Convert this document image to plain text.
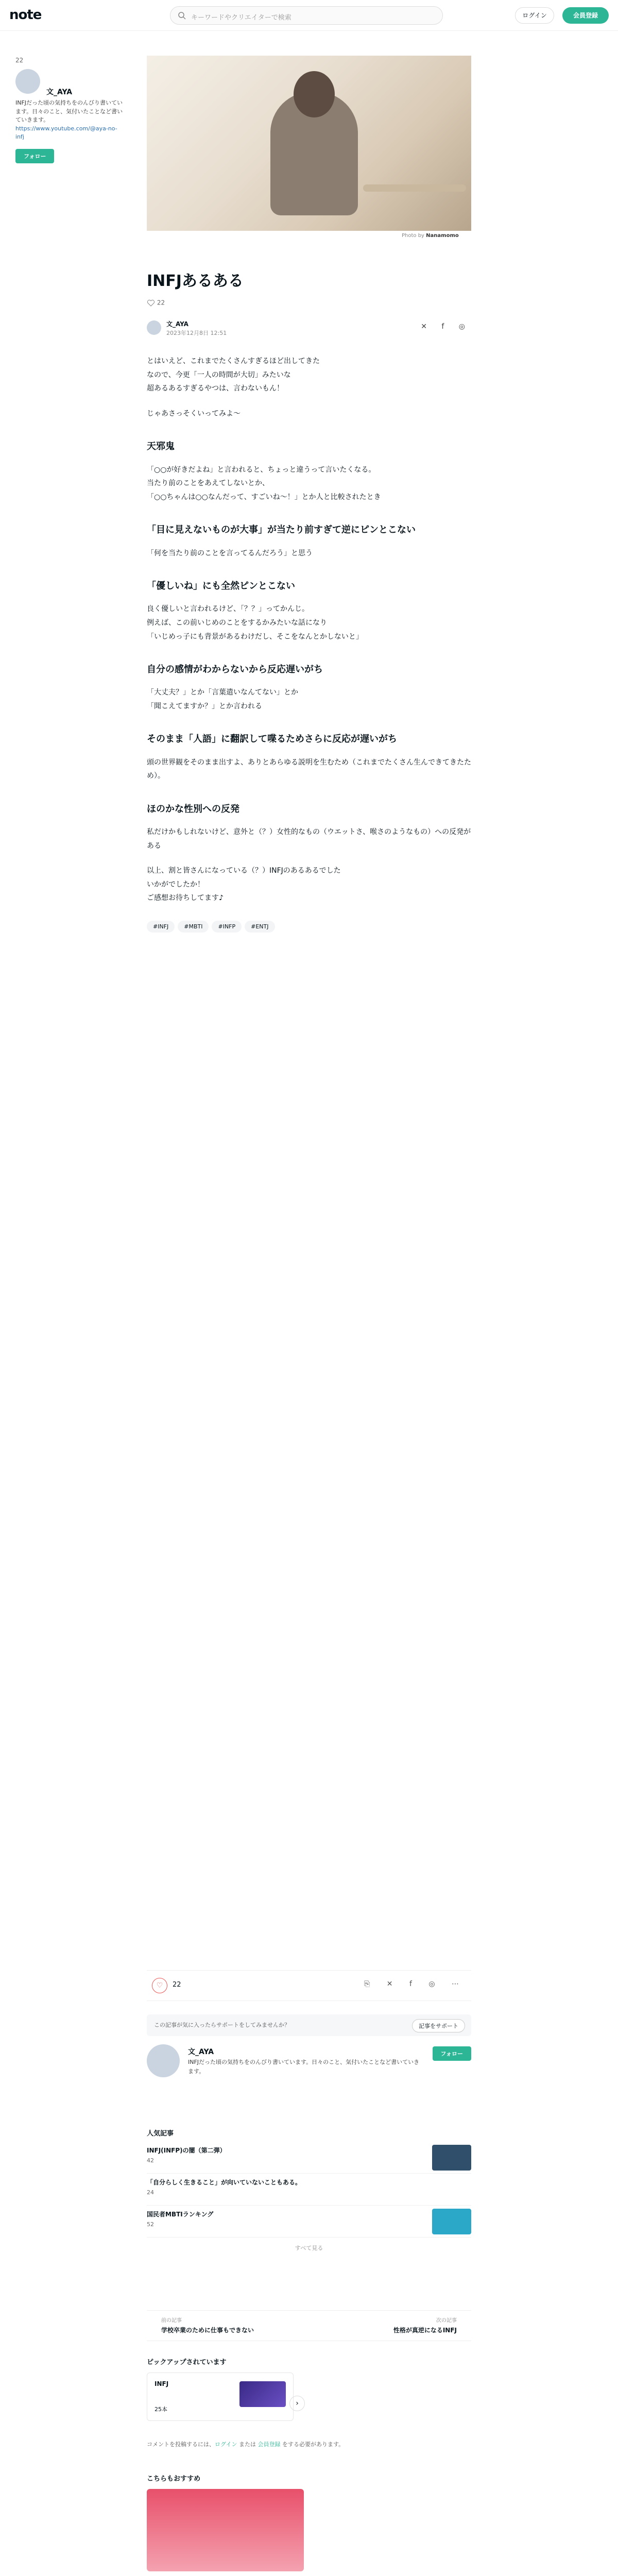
note	キーワードやクリエイターで検索	ログイン	会員登録
22
文_AYA
INFJだった頃の気持ちをのんびり書いています。日々のこと、気付いたことなど書いていきます。
https://www.youtube.com/@aya-no-infj
フォロー
Photo by Nanamomo
INFJあるある
22
文_AYA
2023年12月8日 12:51
✕ f ◎

とはいえど、これまでたくさんすぎるほど出してきた
なので、今更「一人の時間が大切」みたいな
超あるあるすぎるやつは、言わないもん！

じゃあさっそくいってみよ〜

天邪鬼

「○○が好きだよね」と言われると、ちょっと違うって言いたくなる。
当たり前のことをあえてしないとか、
「○○ちゃんは○○なんだって、すごいね〜！」とか人と比較されたとき

「目に見えないものが大事」が当たり前すぎて逆にピンとこない

「何を当たり前のことを言ってるんだろう」と思う

「優しいね」にも全然ピンとこない

良く優しいと言われるけど、「？？」ってかんじ。
例えば、この前いじめのことをするかみたいな話になり
「いじめっ子にも背景があるわけだし、そこをなんとかしないと」

自分の感情がわからないから反応遅いがち

「大丈夫？」とか「言葉遣いなんてない」とか
「聞こえてますか？」とか言われる

そのまま「人語」に翻訳して喋るためさらに反応が遅いがち

頭の世界観をそのまま出すよ、ありとあらゆる説明を生むため（これまでたくさん生んできてきたため）。

ほのかな性別への反発

私だけかもしれないけど、意外と（？）女性的なもの（ウエットさ、喉さのようなもの）への反発がある

以上、割と皆さんになっている（？）INFJのあるあるでした
いかがでしたか！
ご感想お待ちしてます♪

#INFJ	#MBTI	#INFP	#ENTJ
♡	22	⎘ ✕ f ◎ ⋯
この記事が気に入ったらサポートをしてみませんか？	記事をサポート
文_AYA
INFJだった頃の気持ちをのんびり書いています。日々のこと、気付いたことなど書いていきます。
フォロー
人気記事
INFJ(INFP)の闇（第二弾）
42
「自分らしく生きること」が向いていないこともある。
24
国民者MBTIランキング
52
すべて見る
前の記事
学校卒業のために仕事もできない
次の記事
性格が真逆になるINFJ
ピックアップされています
INFJ
25本
›
コメントを投稿するには、ログイン または 会員登録 をする必要があります。
こちらもおすすめ
